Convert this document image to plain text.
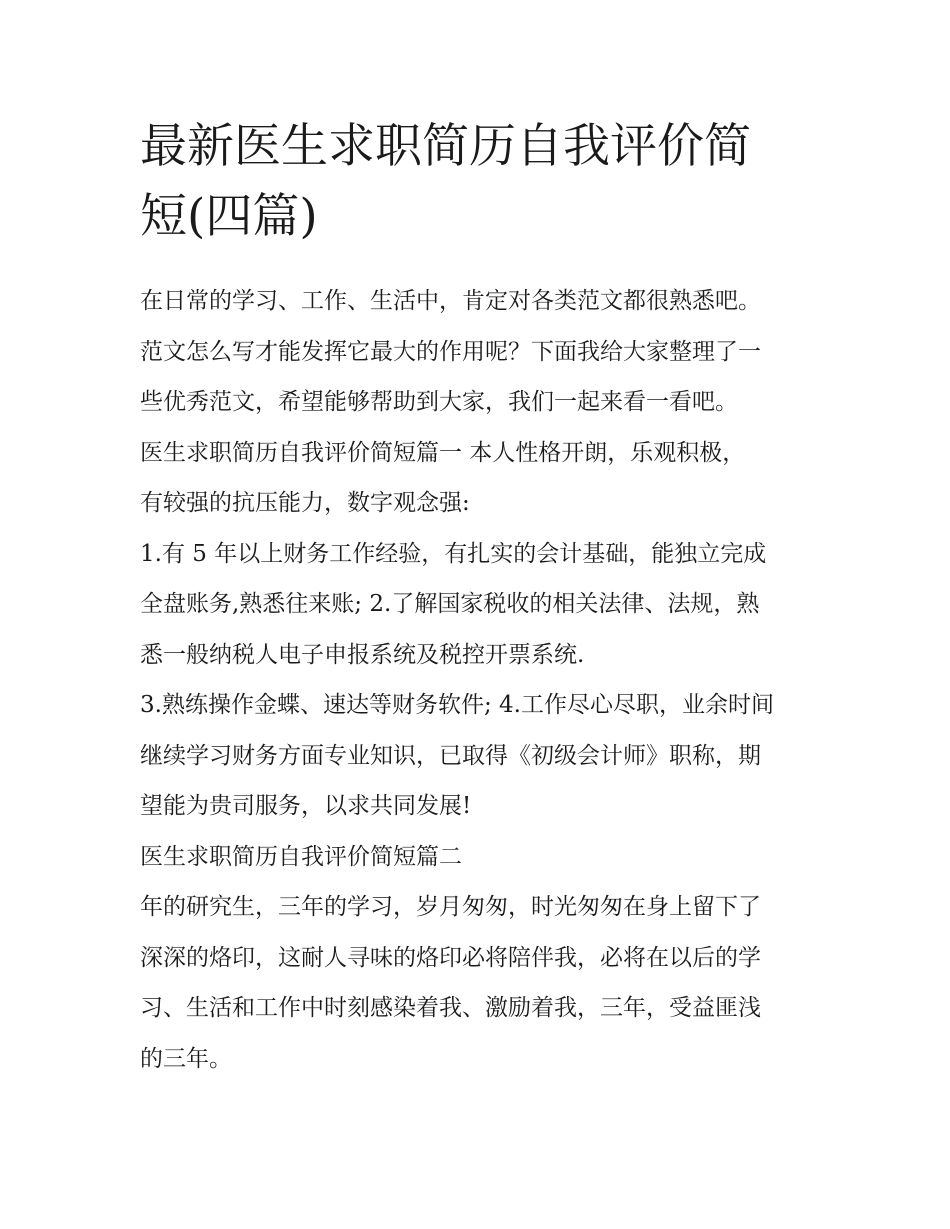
最新医生求职简历自我评价简
短(四篇)
在日常的学习、工作、生活中，肯定对各类范文都很熟悉吧。
范文怎么写才能发挥它最大的作用呢？下面我给大家整理了一
些优秀范文，希望能够帮助到大家，我们一起来看一看吧。
医生求职简历自我评价简短篇一 本人性格开朗，乐观积极，
有较强的抗压能力，数字观念强:
1.有 5 年以上财务工作经验，有扎实的会计基础，能独立完成
全盘账务,熟悉往来账; 2.了解国家税收的相关法律、法规，熟
悉一般纳税人电子申报系统及税控开票系统.
3.熟练操作金蝶、速达等财务软件; 4.工作尽心尽职，业余时间
继续学习财务方面专业知识，已取得《初级会计师》职称，期
望能为贵司服务，以求共同发展!
医生求职简历自我评价简短篇二
年的研究生，三年的学习，岁月匆匆，时光匆匆在身上留下了
深深的烙印，这耐人寻味的烙印必将陪伴我，必将在以后的学
习、生活和工作中时刻感染着我、激励着我，三年，受益匪浅
的三年。
